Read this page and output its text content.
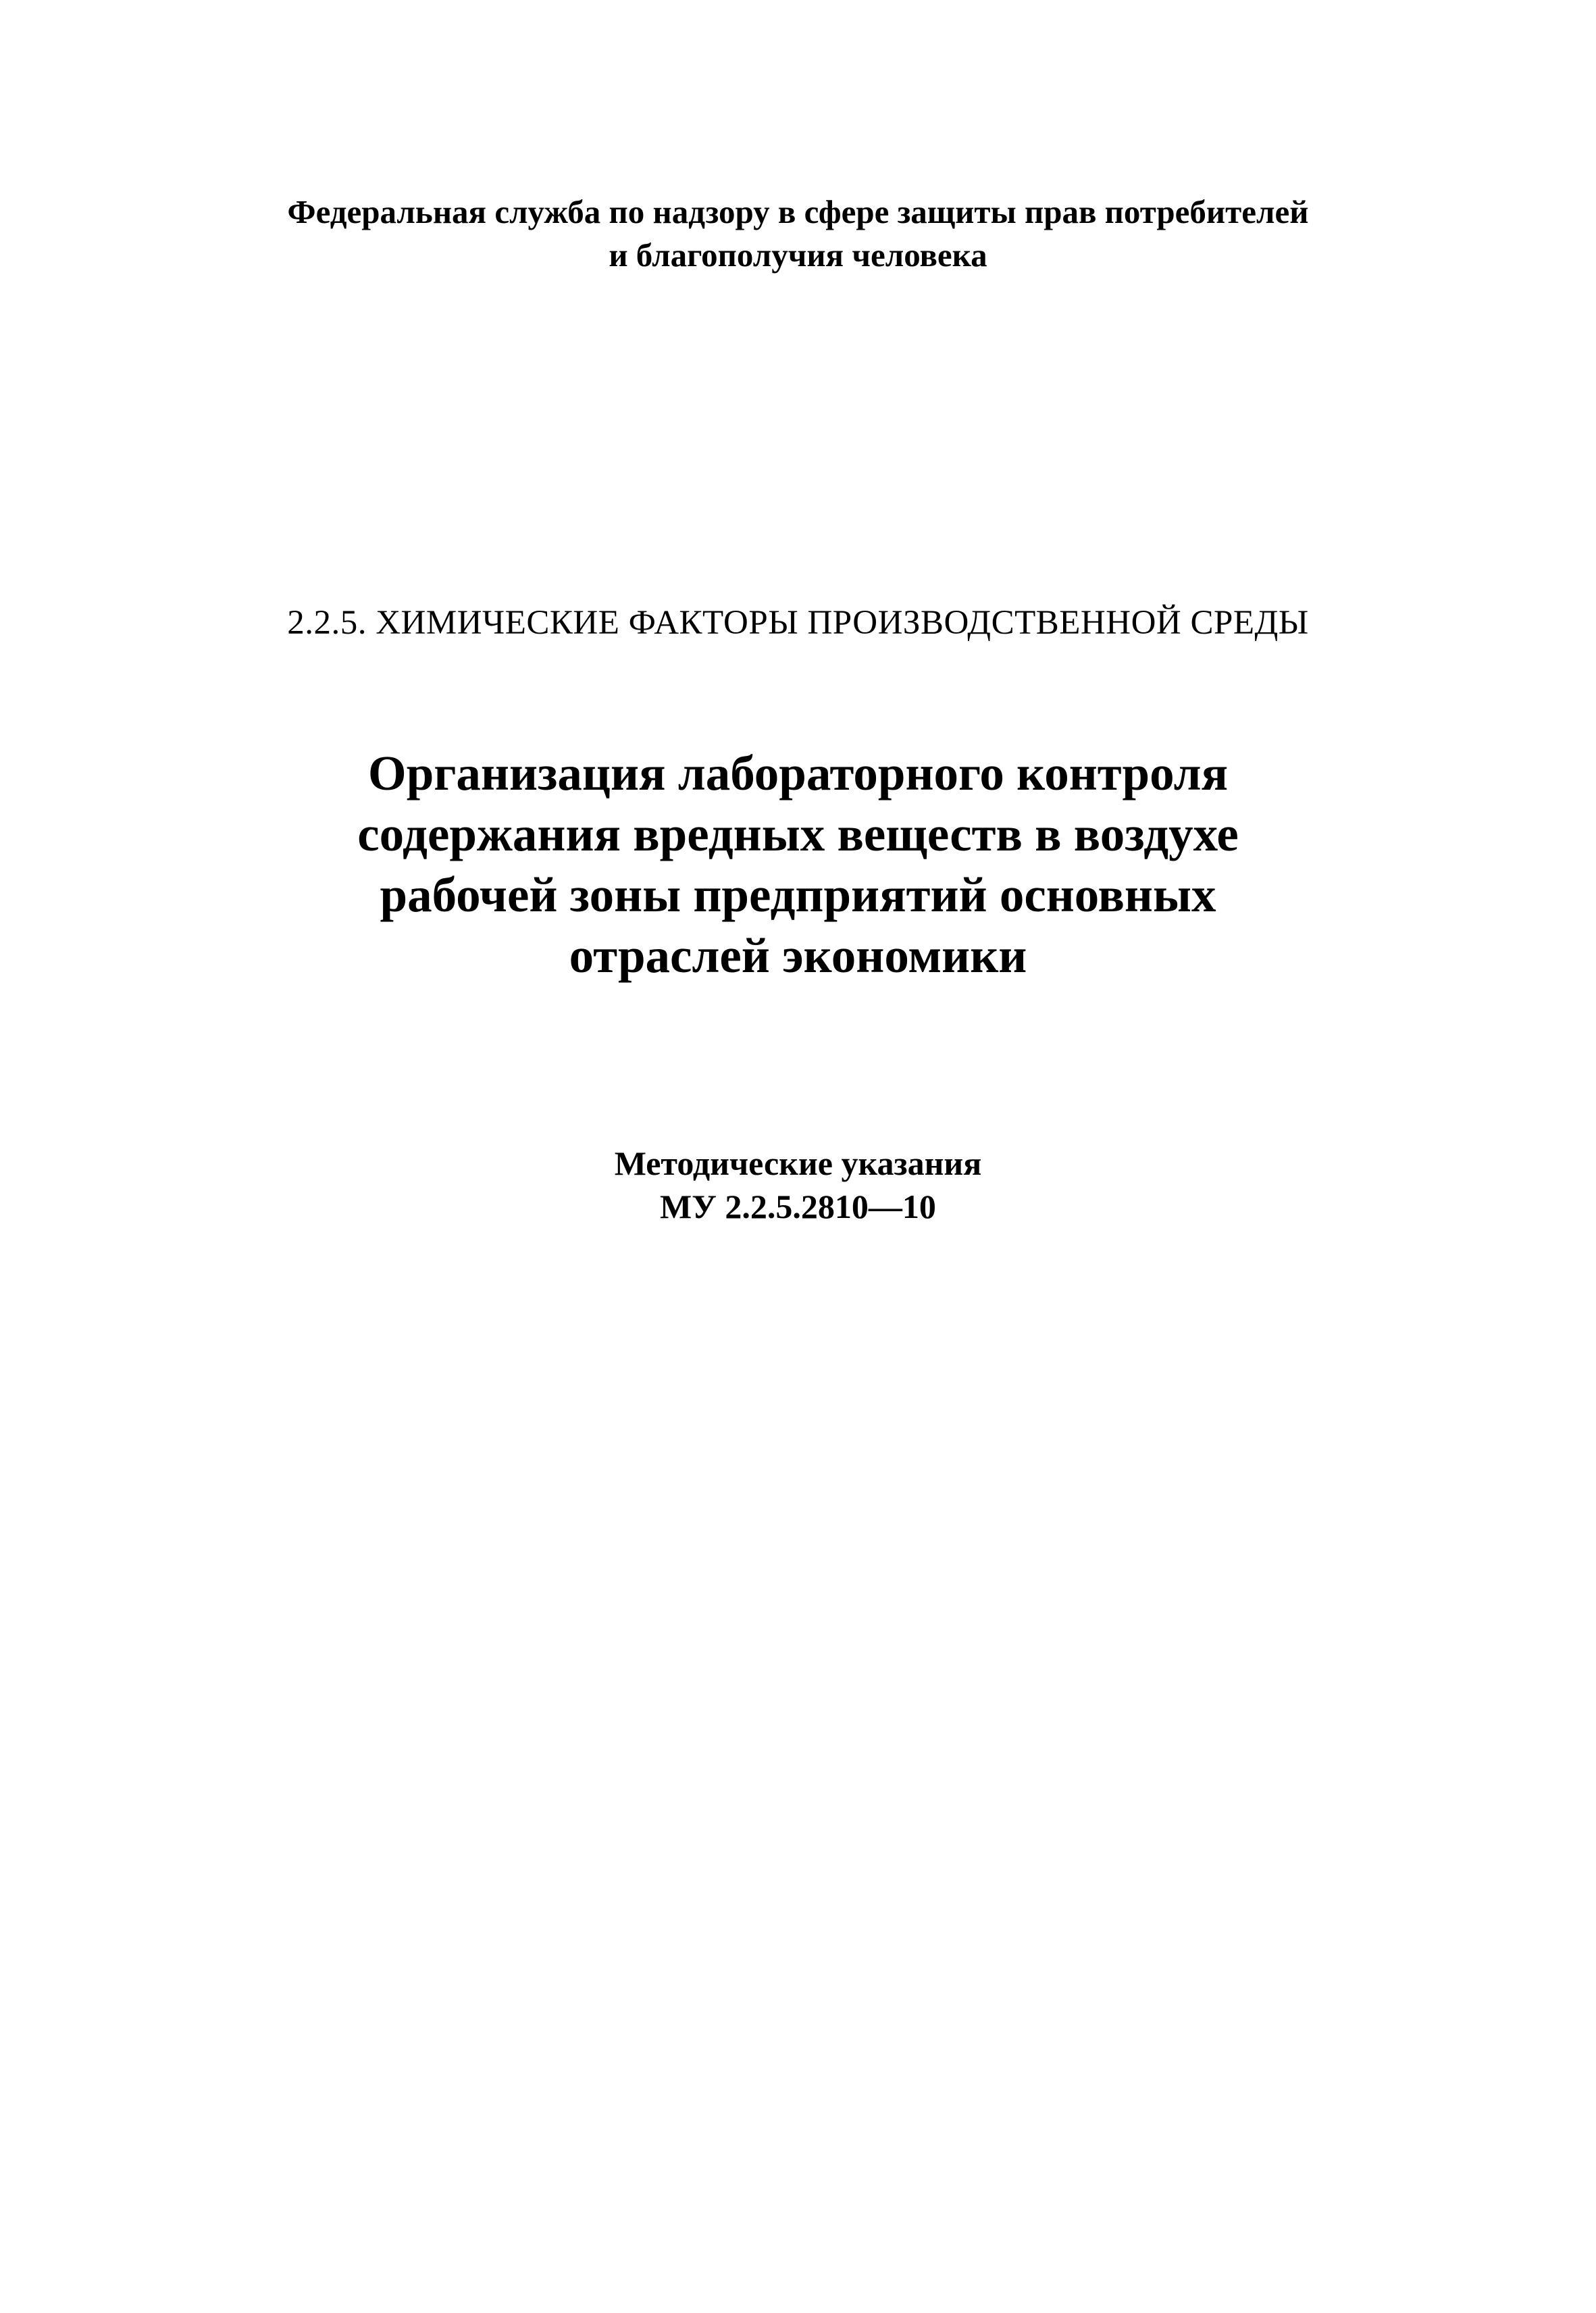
Федеральная служба по надзору в сфере защиты прав потребителей
и благополучия человека
2.2.5. ХИМИЧЕСКИЕ ФАКТОРЫ ПРОИЗВОДСТВЕННОЙ СРЕДЫ
Организация лабораторного контроля
содержания вредных веществ в воздухе
рабочей зоны предприятий основных
отраслей экономики
Методические указания
МУ 2.2.5.2810—10
